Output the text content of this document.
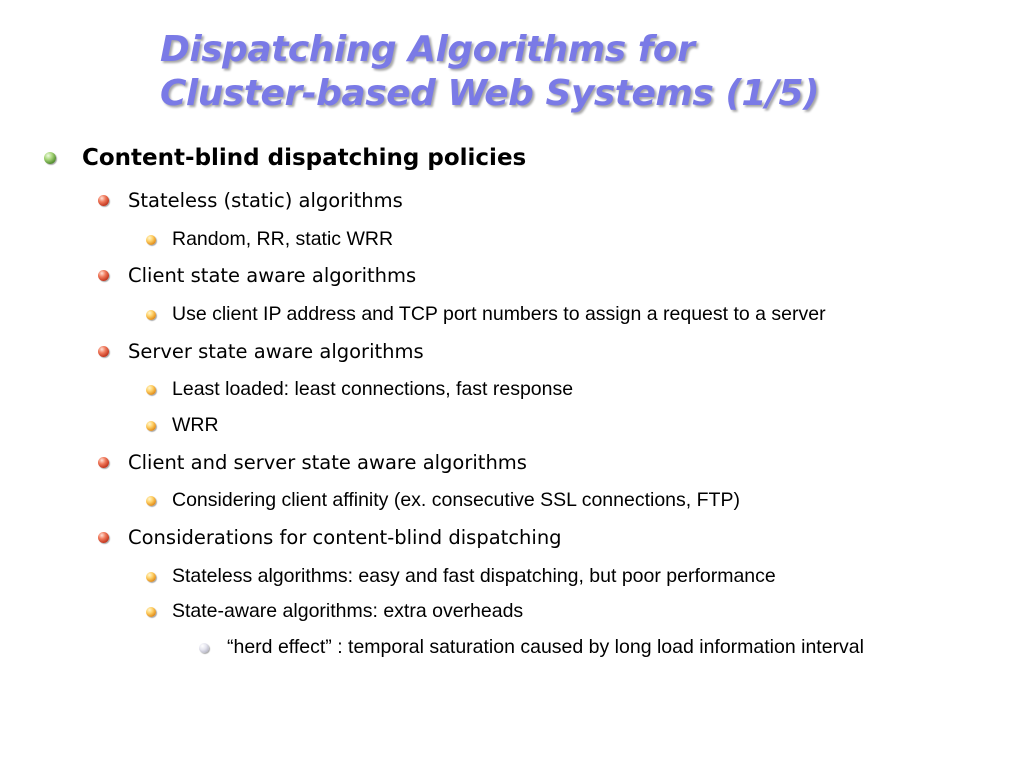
Dispatching Algorithms for
Cluster-based Web Systems (1/5)
Content-blind dispatching policies
Stateless (static) algorithms
Random, RR, static WRR
Client state aware algorithms
Use client IP address and TCP port numbers to assign a request to a server
Server state aware algorithms
Least loaded: least connections, fast response
WRR
Client and server state aware algorithms
Considering client affinity (ex. consecutive SSL connections, FTP)
Considerations for content-blind dispatching
Stateless algorithms: easy and fast dispatching, but poor performance
State-aware algorithms: extra overheads
“herd effect” : temporal saturation caused by long load information interval
